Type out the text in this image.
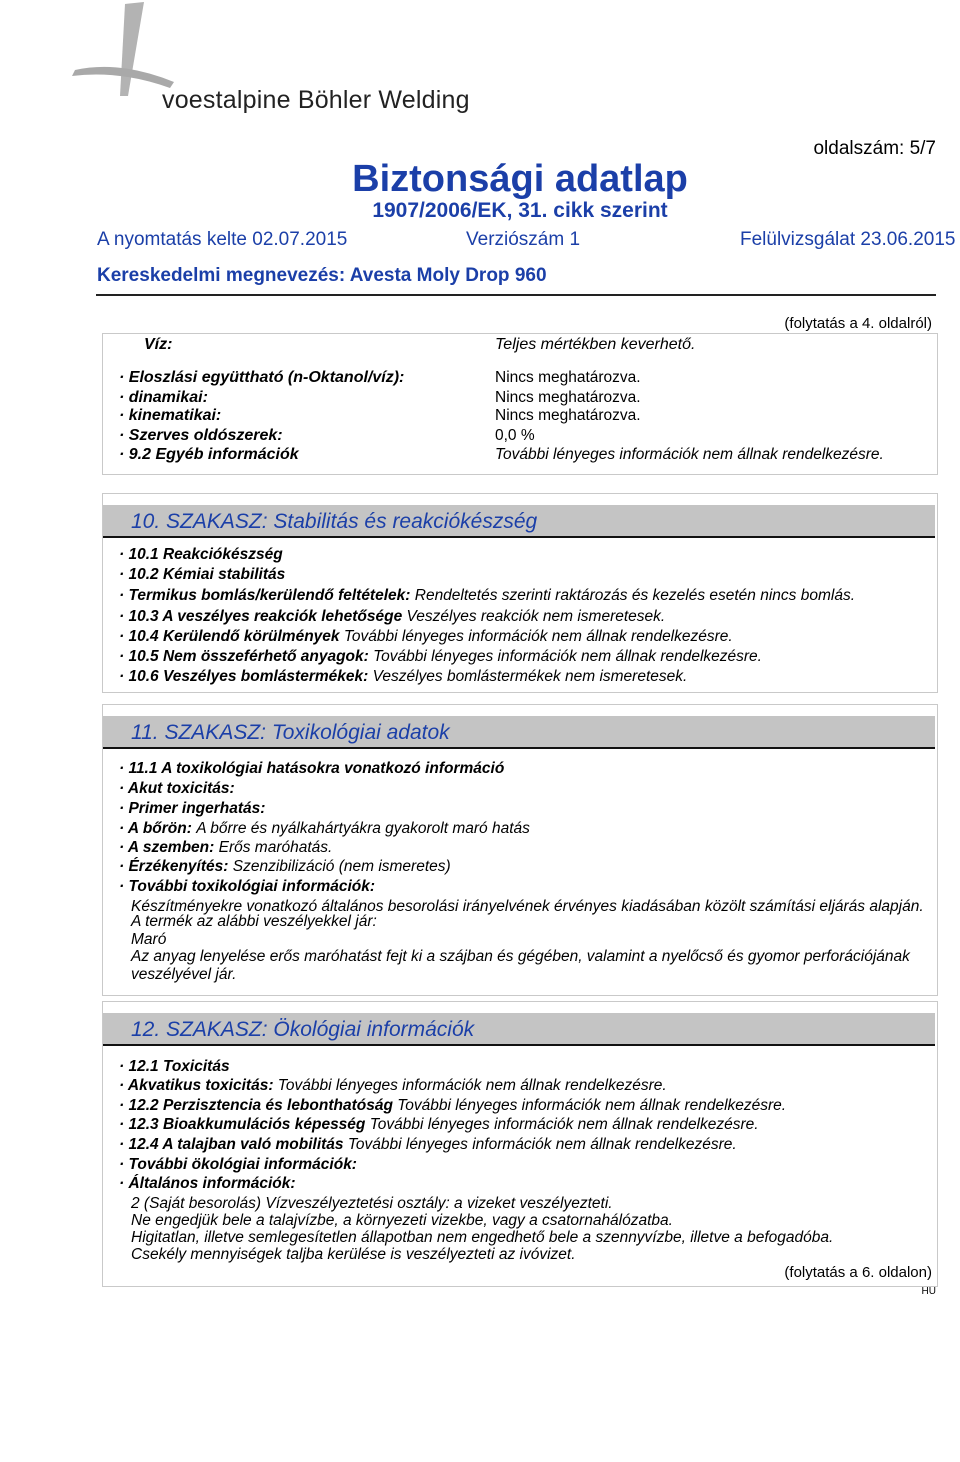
voestalpine Böhler Welding
oldalszám: 5/7
Biztonsági adatlap
1907/2006/EK, 31. cikk szerint
A nyomtatás kelte 02.07.2015	Verziószám 1	Felülvizsgálat 23.06.2015
Kereskedelmi megnevezés: Avesta Moly Drop 960
(folytatás a 4. oldalról)
Víz:	Teljes mértékben keverhető.
· Eloszlási együttható (n-Oktanol/víz):	Nincs meghatározva.
· dinamikai:	Nincs meghatározva.
· kinematikai:	Nincs meghatározva.
· Szerves oldószerek:	0,0 %
· 9.2 Egyéb információk	További lényeges információk nem állnak rendelkezésre.
10. SZAKASZ: Stabilitás és reakciókészség
· 10.1 Reakciókészség
· 10.2 Kémiai stabilitás
· Termikus bomlás/kerülendő feltételek: Rendeltetés szerinti raktározás és kezelés esetén nincs bomlás.
· 10.3 A veszélyes reakciók lehetősége Veszélyes reakciók nem ismeretesek.
· 10.4 Kerülendő körülmények További lényeges információk nem állnak rendelkezésre.
· 10.5 Nem összeférhető anyagok: További lényeges információk nem állnak rendelkezésre.
· 10.6 Veszélyes bomlástermékek: Veszélyes bomlástermékek nem ismeretesek.
11. SZAKASZ: Toxikológiai adatok
· 11.1 A toxikológiai hatásokra vonatkozó információ
· Akut toxicitás:
· Primer ingerhatás:
· A bőrön: A bőrre és nyálkahártyákra gyakorolt maró hatás
· A szemben: Erős maróhatás.
· Érzékenyítés: Szenzibilizáció (nem ismeretes)
· További toxikológiai információk:
Készítményekre vonatkozó általános besorolási irányelvének érvényes kiadásában közölt számítási eljárás alapján.
A termék az alábbi veszélyekkel jár:
Maró
Az anyag lenyelése erős maróhatást fejt ki a szájban és gégében, valamint a nyelőcső és gyomor perforációjának
veszélyével jár.
12. SZAKASZ: Ökológiai információk
· 12.1 Toxicitás
· Akvatikus toxicitás: További lényeges információk nem állnak rendelkezésre.
· 12.2 Perzisztencia és lebonthatóság További lényeges információk nem állnak rendelkezésre.
· 12.3 Bioakkumulációs képesség További lényeges információk nem állnak rendelkezésre.
· 12.4 A talajban való mobilitás További lényeges információk nem állnak rendelkezésre.
· További ökológiai információk:
· Általános információk:
2 (Saját besorolás) Vízveszélyeztetési osztály: a vizeket veszélyezteti.
Ne engedjük bele a talajvízbe, a környezeti vizekbe, vagy a csatornahálózatba.
Higitatlan, illetve semlegesítetlen állapotban nem engedhető bele a szennyvízbe, illetve a befogadóba.
Csekély mennyiségek taljba kerülése is veszélyezteti az ivóvizet.
(folytatás a 6. oldalon)
HU
